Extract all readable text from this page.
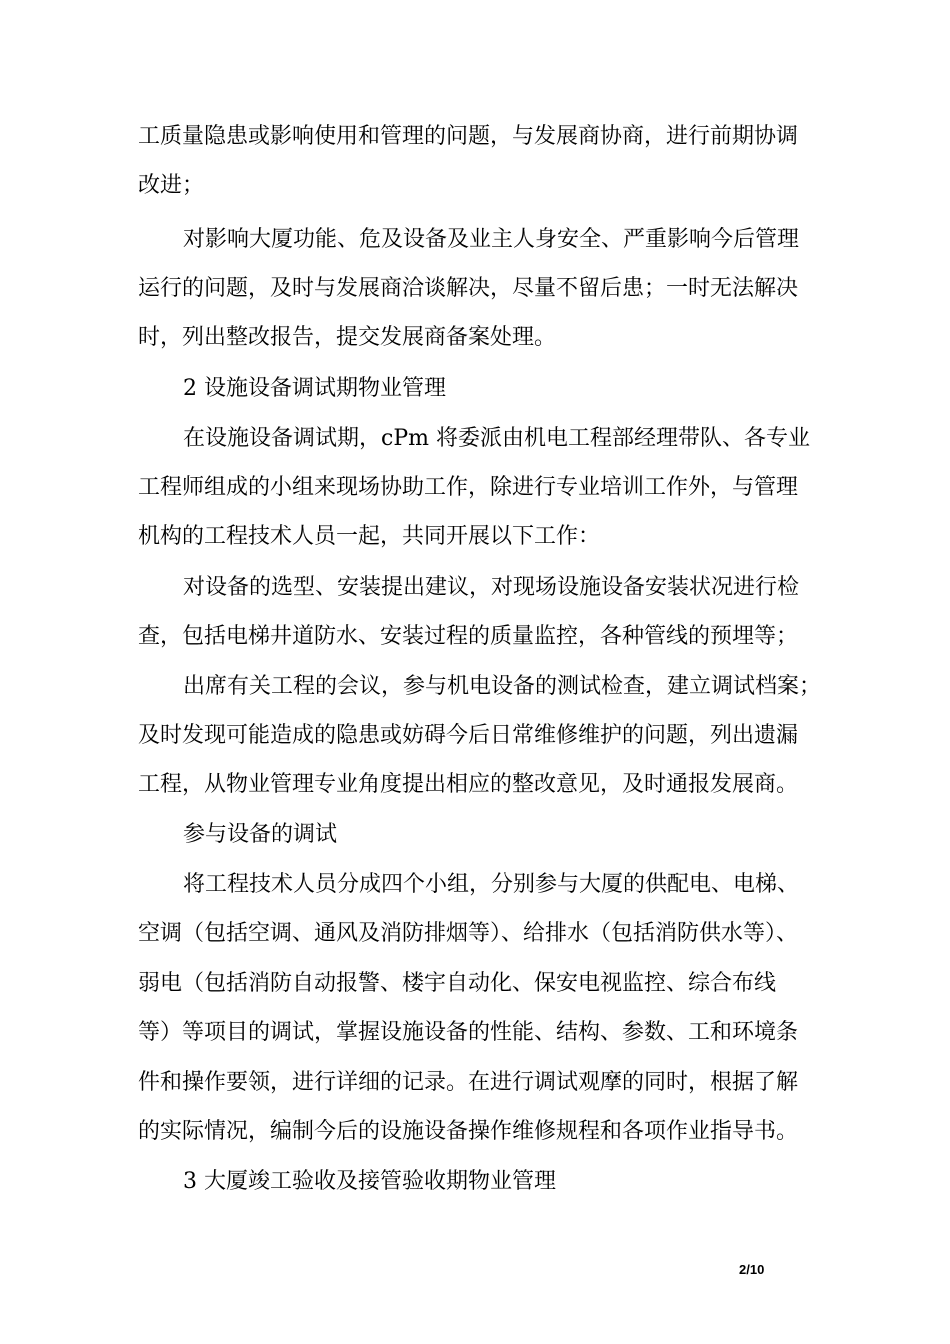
工质量隐患或影响使用和管理的问题，与发展商协商，进行前期协调

改进；

对影响大厦功能、危及设备及业主人身安全、严重影响今后管理

运行的问题，及时与发展商洽谈解决，尽量不留后患；一时无法解决

时，列出整改报告，提交发展商备案处理。

2 设施设备调试期物业管理

在设施设备调试期，cPm 将委派由机电工程部经理带队、各专业

工程师组成的小组来现场协助工作，除进行专业培训工作外，与管理

机构的工程技术人员一起，共同开展以下工作：

对设备的选型、安装提出建议，对现场设施设备安装状况进行检

查，包括电梯井道防水、安装过程的质量监控，各种管线的预埋等；

出席有关工程的会议，参与机电设备的测试检查，建立调试档案；

及时发现可能造成的隐患或妨碍今后日常维修维护的问题，列出遗漏

工程，从物业管理专业角度提出相应的整改意见，及时通报发展商。

参与设备的调试

将工程技术人员分成四个小组，分别参与大厦的供配电、电梯、

空调（包括空调、通风及消防排烟等）、给排水（包括消防供水等）、

弱电（包括消防自动报警、楼宇自动化、保安电视监控、综合布线

等）等项目的调试，掌握设施设备的性能、结构、参数、工和环境条

件和操作要领，进行详细的记录。在进行调试观摩的同时，根据了解

的实际情况，编制今后的设施设备操作维修规程和各项作业指导书。

3 大厦竣工验收及接管验收期物业管理

2/10
